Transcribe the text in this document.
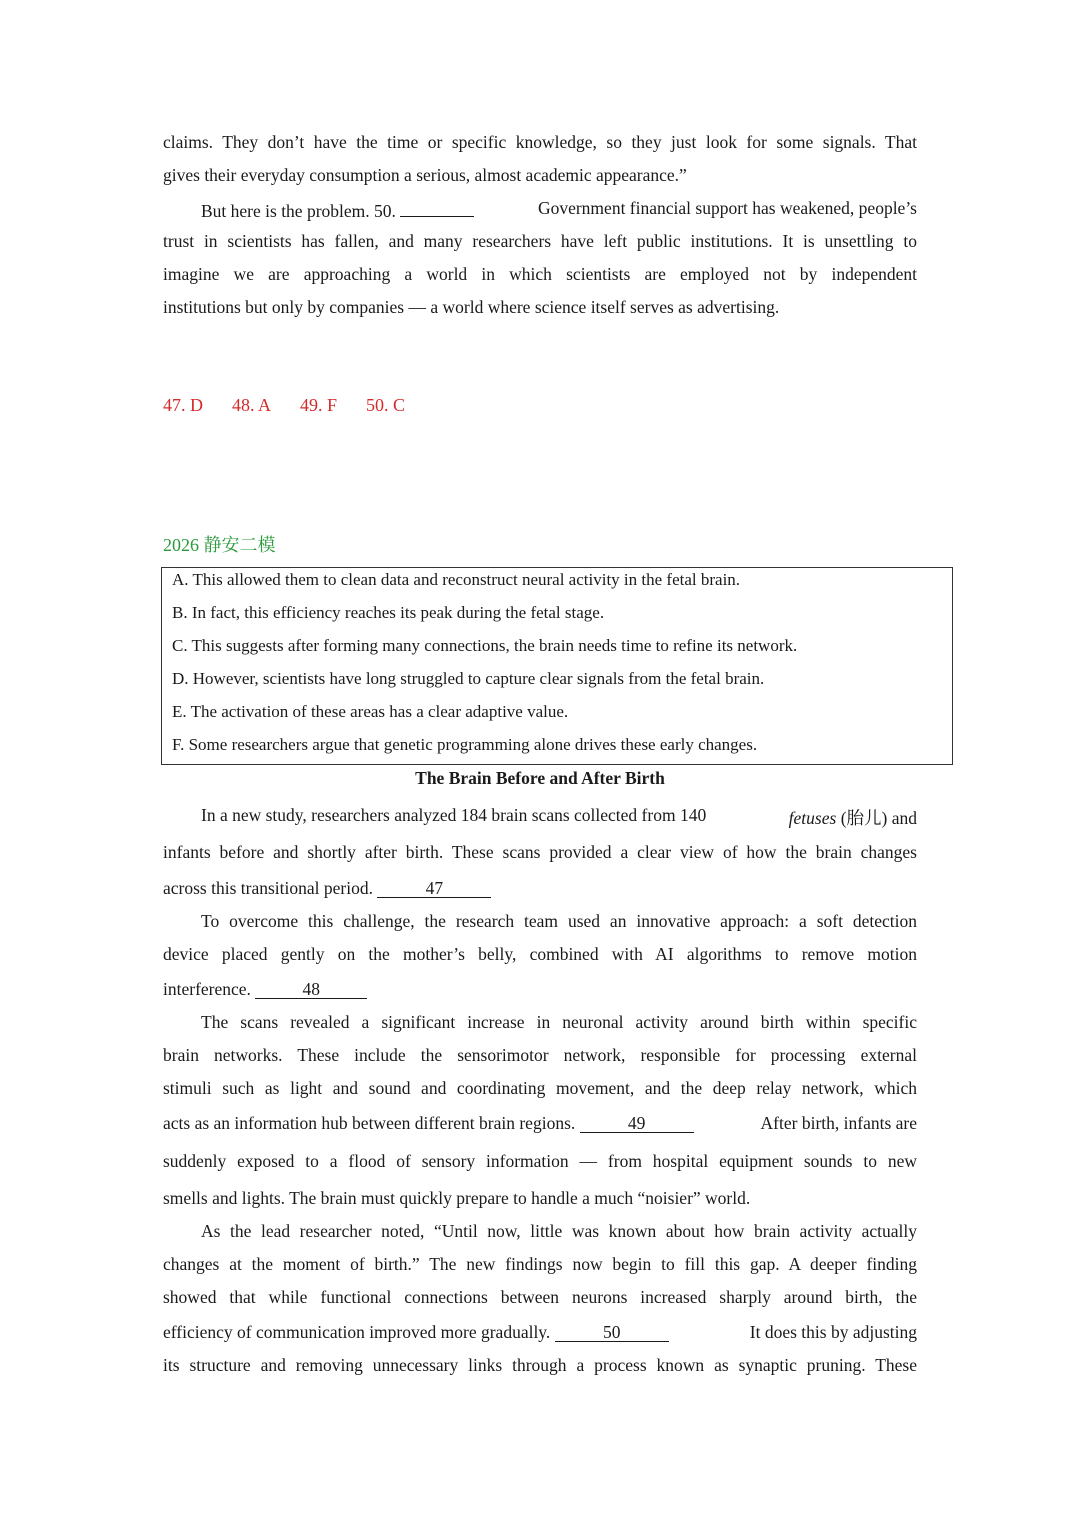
claims. They don’t have the time or specific knowledge, so they just look for some signals. That
gives their everyday consumption a serious, almost academic appearance.”
But here is the problem. 50.	Government financial support has weakened, people’s
trust in scientists has fallen, and many researchers have left public institutions. It is unsettling to
imagine we are approaching a world in which scientists are employed not by independent
institutions but only by companies — a world where science itself serves as advertising.
47. D 48. A 49. F 50. C
2026 静安二模
A. This allowed them to clean data and reconstruct neural activity in the fetal brain.
B. In fact, this efficiency reaches its peak during the fetal stage.
C. This suggests after forming many connections, the brain needs time to refine its network.
D. However, scientists have long struggled to capture clear signals from the fetal brain.
E. The activation of these areas has a clear adaptive value.
F. Some researchers argue that genetic programming alone drives these early changes.
The Brain Before and After Birth
In a new study, researchers analyzed 184 brain scans collected from 140	fetuses (胎儿) and
infants before and shortly after birth. These scans provided a clear view of how the brain changes
across this transitional period.	47
To overcome this challenge, the research team used an innovative approach: a soft detection
device placed gently on the mother’s belly, combined with AI algorithms to remove motion
interference.	48
The scans revealed a significant increase in neuronal activity around birth within specific
brain networks. These include the sensorimotor network, responsible for processing external
stimuli such as light and sound and coordinating movement, and the deep relay network, which
acts as an information hub between different brain regions.	49	After birth, infants are
suddenly exposed to a flood of sensory information — from hospital equipment sounds to new
smells and lights. The brain must quickly prepare to handle a much “noisier” world.
As the lead researcher noted, “Until now, little was known about how brain activity actually
changes at the moment of birth.” The new findings now begin to fill this gap. A deeper finding
showed that while functional connections between neurons increased sharply around birth, the
efficiency of communication improved more gradually.	50	It does this by adjusting
its structure and removing unnecessary links through a process known as synaptic pruning. These
